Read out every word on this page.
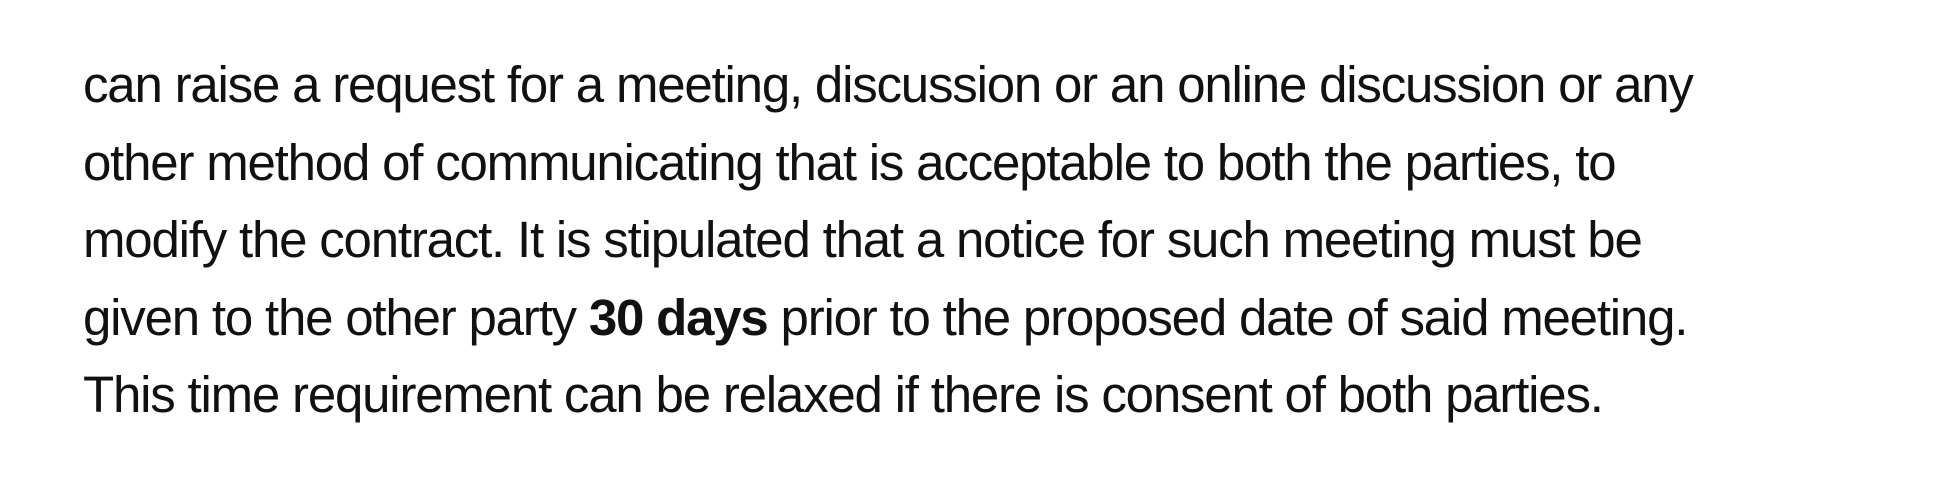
can raise a request for a meeting, discussion or an online discussion or any
other method of communicating that is acceptable to both the parties, to
modify the contract. It is stipulated that a notice for such meeting must be
given to the other party 30 days prior to the proposed date of said meeting.
This time requirement can be relaxed if there is consent of both parties.
